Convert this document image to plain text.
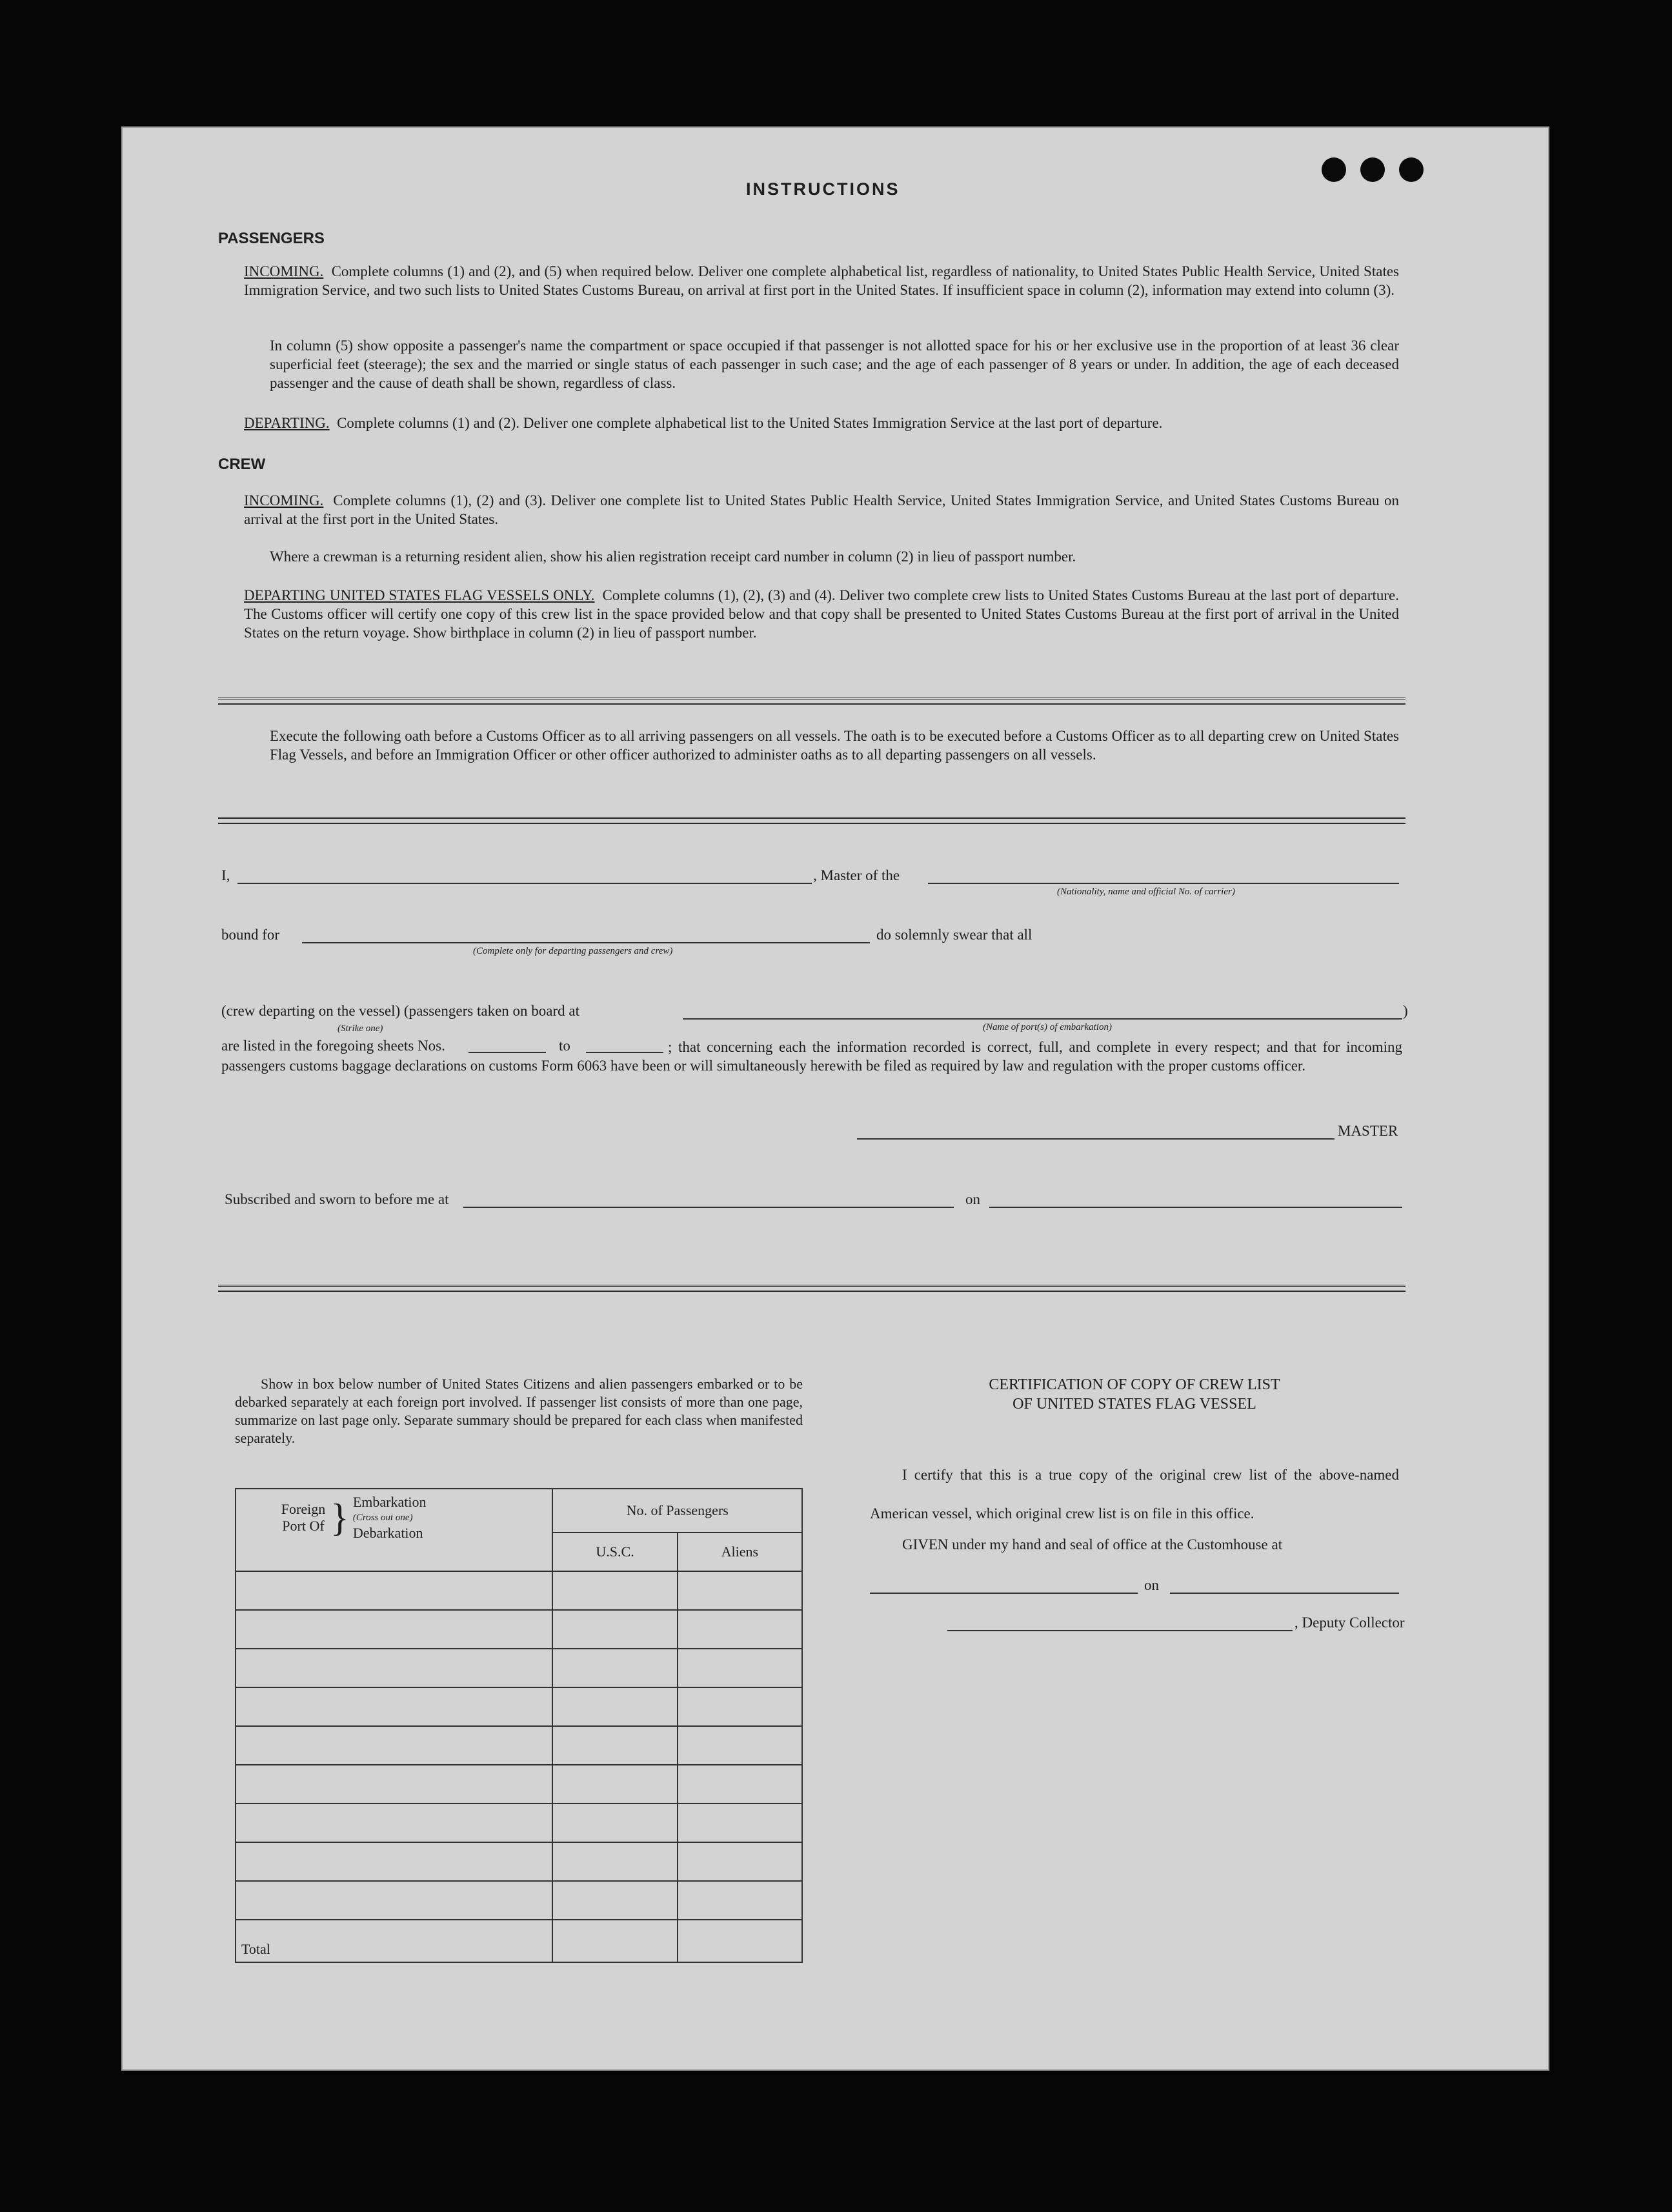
INSTRUCTIONS
PASSENGERS

INCOMING. Complete columns (1) and (2), and (5) when required below. Deliver one complete alphabetical list, regardless of nationality, to United States Public Health Service, United States Immigration Service, and two such lists to United States Customs Bureau, on arrival at first port in the United States. If insufficient space in column (2), information may extend into column (3).

In column (5) show opposite a passenger's name the compartment or space occupied if that passenger is not allotted space for his or her exclusive use in the proportion of at least 36 clear superficial feet (steerage); the sex and the married or single status of each passenger in such case; and the age of each passenger of 8 years or under. In addition, the age of each deceased passenger and the cause of death shall be shown, regardless of class.

DEPARTING. Complete columns (1) and (2). Deliver one complete alphabetical list to the United States Immigration Service at the last port of departure.

CREW

INCOMING. Complete columns (1), (2) and (3). Deliver one complete list to United States Public Health Service, United States Immigration Service, and United States Customs Bureau on arrival at the first port in the United States.

Where a crewman is a returning resident alien, show his alien registration receipt card number in column (2) in lieu of passport number.

DEPARTING UNITED STATES FLAG VESSELS ONLY. Complete columns (1), (2), (3) and (4). Deliver two complete crew lists to United States Customs Bureau at the last port of departure. The Customs officer will certify one copy of this crew list in the space provided below and that copy shall be presented to United States Customs Bureau at the first port of arrival in the United States on the return voyage. Show birthplace in column (2) in lieu of passport number.

Execute the following oath before a Customs Officer as to all arriving passengers on all vessels. The oath is to be executed before a Customs Officer as to all departing crew on United States Flag Vessels, and before an Immigration Officer or other officer authorized to administer oaths as to all departing passengers on all vessels.

I,	, Master of the
(Nationality, name and official No. of carrier)
bound for
(Complete only for departing passengers and crew)
do solemnly swear that all
(crew departing on the vessel) (passengers taken on board at	)
(Strike one)	(Name of port(s) of embarkation)
are listed in the foregoing sheets Nos.	to	; that concerning each the information recorded is correct, full, and complete in every respect; and that for incoming passengers customs baggage declarations on customs Form 6063 have been or will simultaneously herewith be filed as required by law and regulation with the proper customs officer.

MASTER
Subscribed and sworn to before me at	on

Show in box below number of United States Citizens and alien passengers embarked or to be debarked separately at each foreign port involved. If passenger list consists of more than one page, summarize on last page only. Separate summary should be prepared for each class when manifested separately.

Foreign Port Of } Embarkation
(Cross out one)
Debarkation	No. of Passengers	
	U.S.C.	Aliens

Total		
CERTIFICATION OF COPY OF CREW LIST
OF UNITED STATES FLAG VESSEL

I certify that this is a true copy of the original crew list of the above-named American vessel, which original crew list is on file in this office.

GIVEN under my hand and seal of office at the Customhouse at
on
, Deputy Collector
